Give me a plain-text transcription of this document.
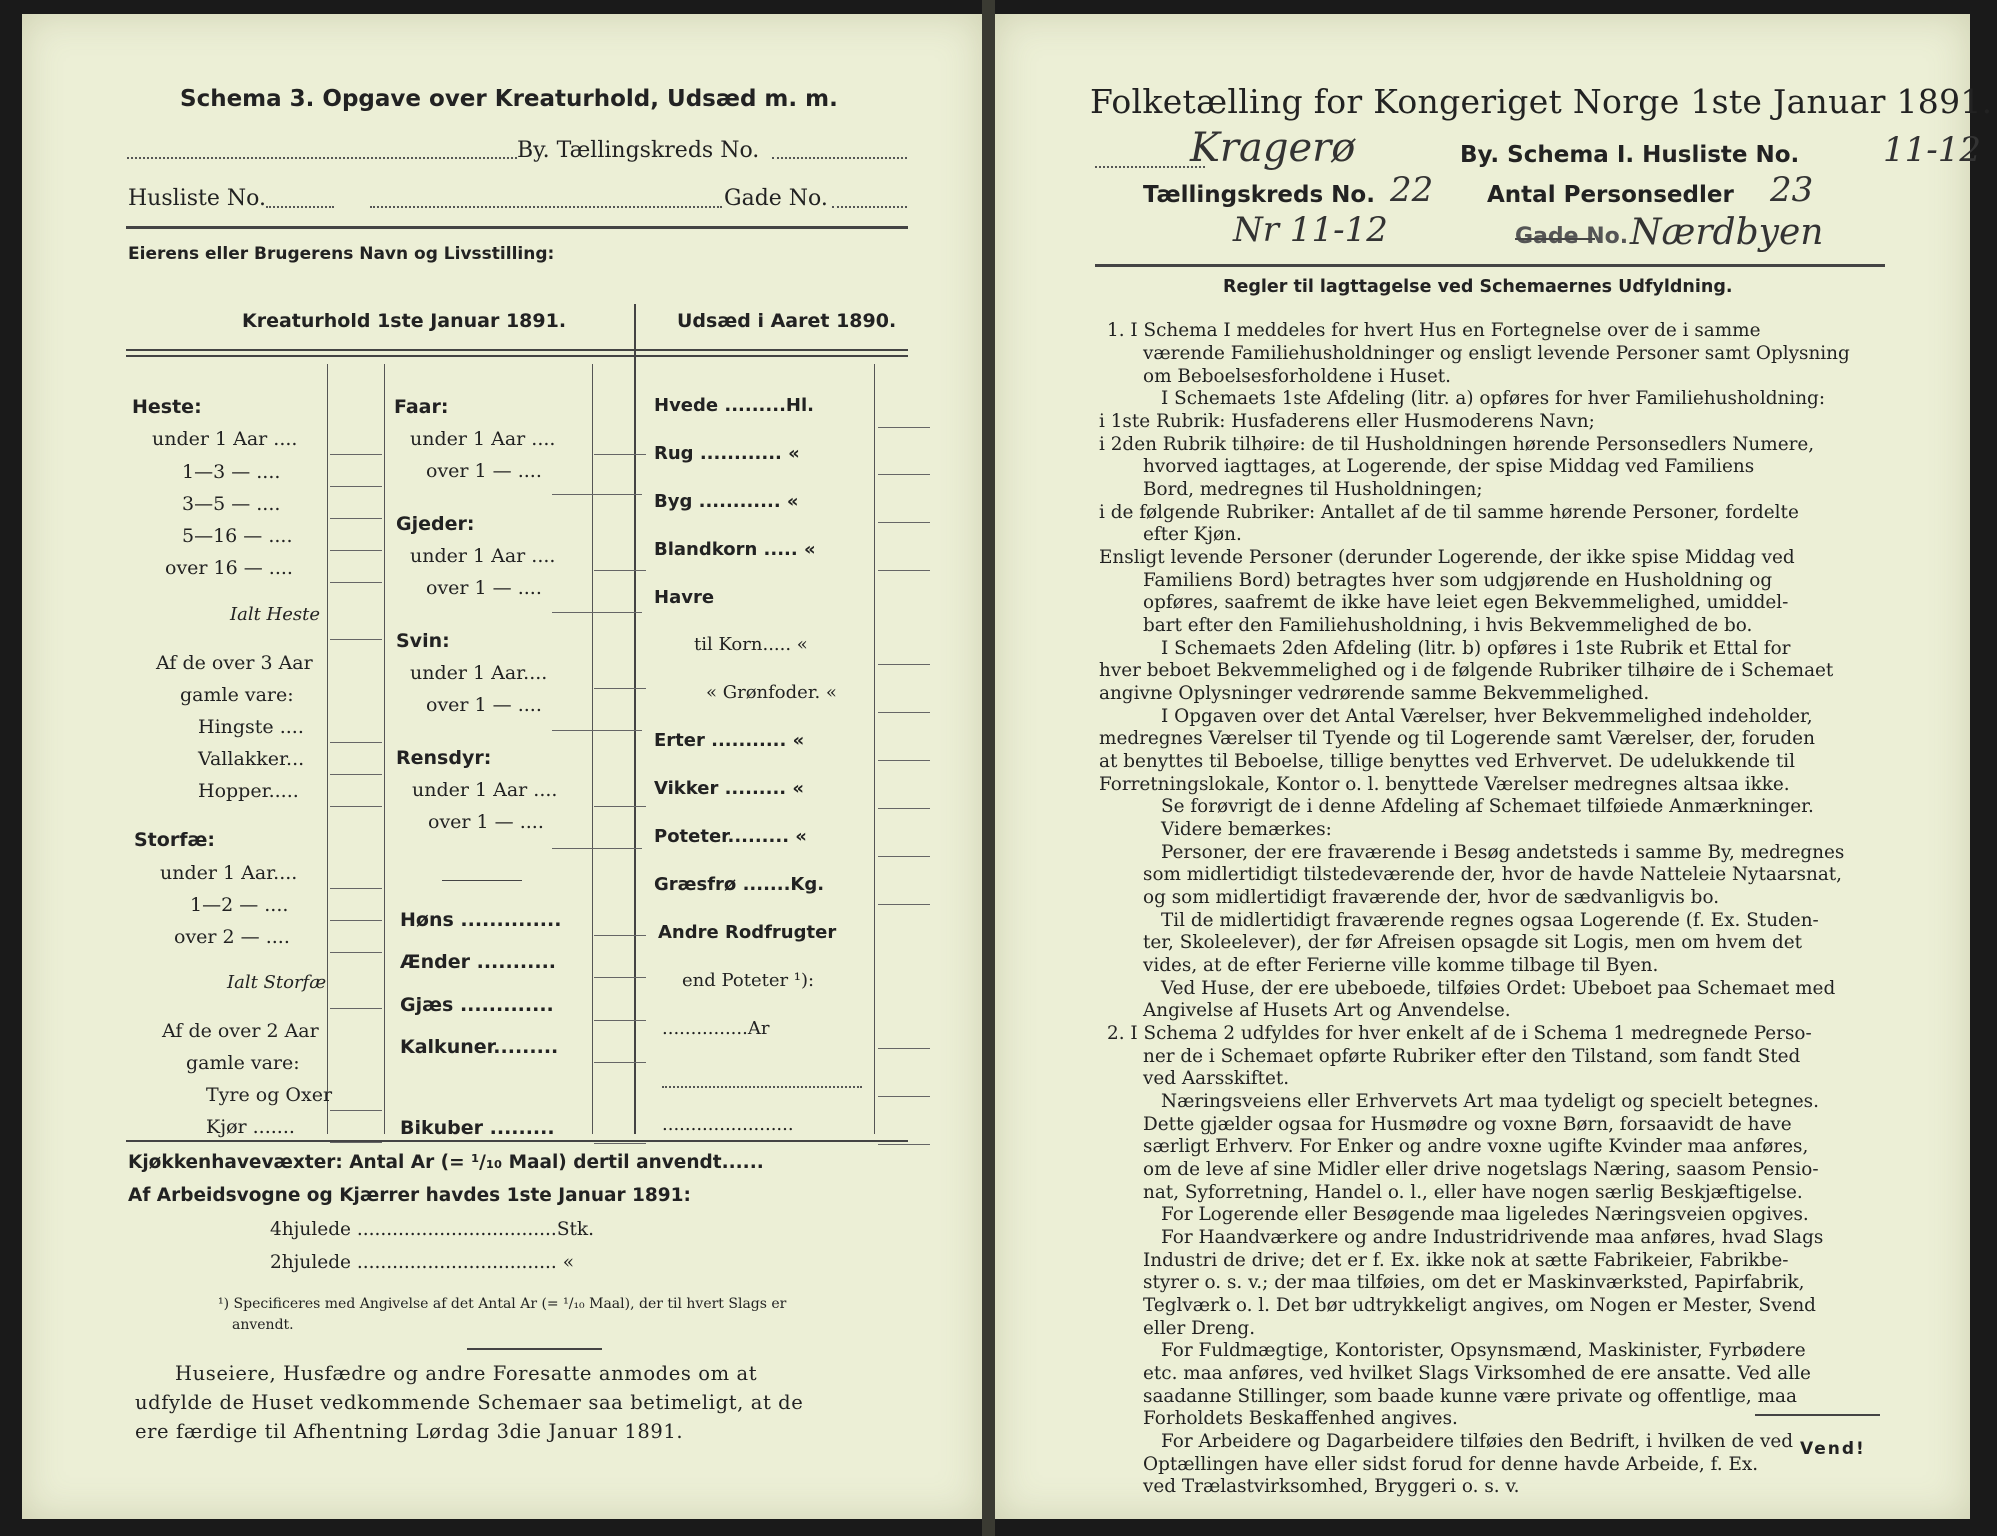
Schema 3. Opgave over Kreaturhold, Udsæd m. m.
By. Tællingskreds No.
Husliste No.	Gade No.
Eierens eller Brugerens Navn og Livsstilling:
Kreaturhold 1ste Januar 1891.	Udsæd i Aaret 1890.
Heste:
under 1 Aar ....
1—3 — ....
3—5 — ....
5—16 — ....
over 16 — ....
Ialt Heste
Af de over 3 Aar
gamle vare:
Hingste ....
Vallakker...
Hopper.....
Storfæ:
under 1 Aar....
1—2 — ....
over 2 — ....
Ialt Storfæ
Af de over 2 Aar
gamle vare:
Tyre og Oxer
Kjør .......
Faar:
under 1 Aar ....
over 1 — ....
Gjeder:
under 1 Aar ....
over 1 — ....
Svin:
under 1 Aar....
over 1 — ....
Rensdyr:
under 1 Aar ....
over 1 — ....
Høns ..............
Ænder ...........
Gjæs .............
Kalkuner.........
Bikuber .........
Hvede .........Hl.
Rug ............ «
Byg ............ «
Blandkorn ..... «
Havre
til Korn..... «
« Grønfoder. «
Erter ........... «
Vikker ......... «
Poteter......... «
Græsfrø .......Kg.
Andre Rodfrugter
end Poteter ¹):
...............Ar
.......................
Kjøkkenhavevæxter: Antal Ar (= ¹/₁₀ Maal) dertil anvendt......
Af Arbeidsvogne og Kjærrer havdes 1ste Januar 1891:
4hjulede ..................................Stk.
2hjulede .................................. «
¹) Specificeres med Angivelse af det Antal Ar (= ¹/₁₀ Maal), der til hvert Slags er
anvendt.
Huseiere, Husfædre og andre Foresatte anmodes om at
udfylde de Huset vedkommende Schemaer saa betimeligt, at de
ere færdige til Afhentning Lørdag 3die Januar 1891.
Folketælling for Kongeriget Norge 1ste Januar 1891.
Kragerø	By. Schema I. Husliste No. 11-12
Tællingskreds No. 22 Antal Personsedler 23
Nr 11-12	Gade No. Nærdbyen
Regler til lagttagelse ved Schemaernes Udfyldning.
1. I Schema I meddeles for hvert Hus en Fortegnelse over de i samme
værende Familiehusholdninger og ensligt levende Personer samt Oplysning
om Beboelsesforholdene i Huset.
I Schemaets 1ste Afdeling (litr. a) opføres for hver Familiehusholdning:
i 1ste Rubrik: Husfaderens eller Husmoderens Navn;
i 2den Rubrik tilhøire: de til Husholdningen hørende Personsedlers Numere,
hvorved iagttages, at Logerende, der spise Middag ved Familiens
Bord, medregnes til Husholdningen;
i de følgende Rubriker: Antallet af de til samme hørende Personer, fordelte
efter Kjøn.
Ensligt levende Personer (derunder Logerende, der ikke spise Middag ved
Familiens Bord) betragtes hver som udgjørende en Husholdning og
opføres, saafremt de ikke have leiet egen Bekvemmelighed, umiddel-
bart efter den Familiehusholdning, i hvis Bekvemmelighed de bo.
I Schemaets 2den Afdeling (litr. b) opføres i 1ste Rubrik et Ettal for
hver beboet Bekvemmelighed og i de følgende Rubriker tilhøire de i Schemaet
angivne Oplysninger vedrørende samme Bekvemmelighed.
I Opgaven over det Antal Værelser, hver Bekvemmelighed indeholder,
medregnes Værelser til Tyende og til Logerende samt Værelser, der, foruden
at benyttes til Beboelse, tillige benyttes ved Erhvervet. De udelukkende til
Forretningslokale, Kontor o. l. benyttede Værelser medregnes altsaa ikke.
Se forøvrigt de i denne Afdeling af Schemaet tilføiede Anmærkninger.
Videre bemærkes:
Personer, der ere fraværende i Besøg andetsteds i samme By, medregnes
som midlertidigt tilstedeværende der, hvor de havde Natteleie Nytaarsnat,
og som midlertidigt fraværende der, hvor de sædvanligvis bo.
Til de midlertidigt fraværende regnes ogsaa Logerende (f. Ex. Studen-
ter, Skoleelever), der før Afreisen opsagde sit Logis, men om hvem det
vides, at de efter Ferierne ville komme tilbage til Byen.
Ved Huse, der ere ubeboede, tilføies Ordet: Ubeboet paa Schemaet med
Angivelse af Husets Art og Anvendelse.
2. I Schema 2 udfyldes for hver enkelt af de i Schema 1 medregnede Perso-
ner de i Schemaet opførte Rubriker efter den Tilstand, som fandt Sted
ved Aarsskiftet.
Næringsveiens eller Erhvervets Art maa tydeligt og specielt betegnes.
Dette gjælder ogsaa for Husmødre og voxne Børn, forsaavidt de have
særligt Erhverv. For Enker og andre voxne ugifte Kvinder maa anføres,
om de leve af sine Midler eller drive nogetslags Næring, saasom Pensio-
nat, Syforretning, Handel o. l., eller have nogen særlig Beskjæftigelse.
For Logerende eller Besøgende maa ligeledes Næringsveien opgives.
For Haandværkere og andre Industridrivende maa anføres, hvad Slags
Industri de drive; det er f. Ex. ikke nok at sætte Fabrikeier, Fabrikbe-
styrer o. s. v.; der maa tilføies, om det er Maskinværksted, Papirfabrik,
Teglværk o. l. Det bør udtrykkeligt angives, om Nogen er Mester, Svend
eller Dreng.
For Fuldmægtige, Kontorister, Opsynsmænd, Maskinister, Fyrbødere
etc. maa anføres, ved hvilket Slags Virksomhed de ere ansatte. Ved alle
saadanne Stillinger, som baade kunne være private og offentlige, maa
Forholdets Beskaffenhed angives.
For Arbeidere og Dagarbeidere tilføies den Bedrift, i hvilken de ved
Optællingen have eller sidst forud for denne havde Arbeide, f. Ex.
ved Trælastvirksomhed, Bryggeri o. s. v.
Vend!
